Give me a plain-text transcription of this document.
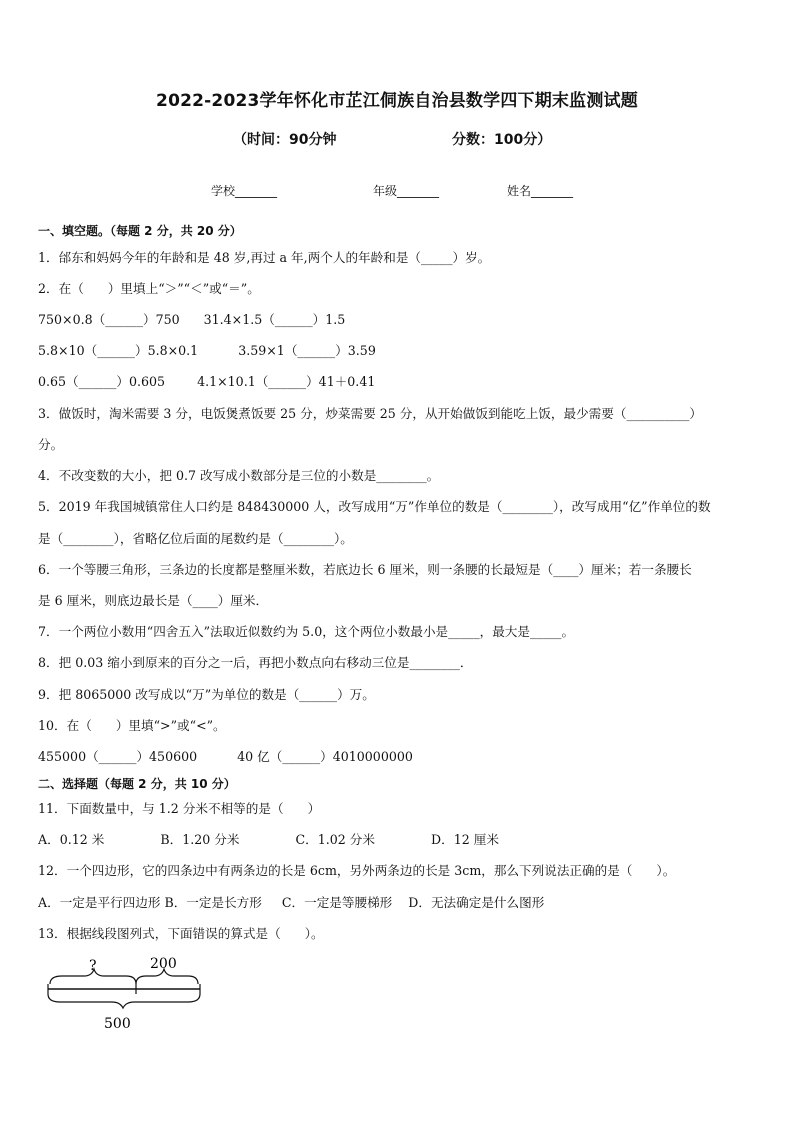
2022-2023学年怀化市芷江侗族自治县数学四下期末监测试题
（时间：90分钟	分数：100分）
学校_______	年级_______	姓名_______
一、填空题。（每题 2 分，共 20 分）
1．邰东和妈妈今年的年龄和是 48 岁,再过 a 年,两个人的年龄和是（_____）岁。
2．在（      ）里填上“＞”“＜”或“＝”。
750×0.8（______）750      31.4×1.5（______）1.5
5.8×10（______）5.8×0.1          3.59×1（______）3.59
0.65（______）0.605        4.1×10.1（______）41＋0.41
3．做饭时，淘米需要 3 分，电饭煲煮饭要 25 分，炒菜需要 25 分，从开始做饭到能吃上饭，最少需要（__________）
分。
4．不改变数的大小，把 0.7 改写成小数部分是三位的小数是________。
5．2019 年我国城镇常住人口约是 848430000 人，改写成用“万”作单位的数是（________），改写成用“亿”作单位的数
是（________），省略亿位后面的尾数约是（________）。
6．一个等腰三角形，三条边的长度都是整厘米数，若底边长 6 厘米，则一条腰的长最短是（____）厘米；若一条腰长
是 6 厘米，则底边最长是（____）厘米．
7．一个两位小数用“四舍五入”法取近似数约为 5.0，这个两位小数最小是_____，最大是_____。
8．把 0.03 缩小到原来的百分之一后，再把小数点向右移动三位是________．
9．把 8065000 改写成以“万”为单位的数是（______）万。
10．在（      ）里填“>”或“<”。
455000（______）450600          40 亿（______）4010000000
二、选择题（每题 2 分，共 10 分）
11．下面数量中，与 1.2 分米不相等的是（      ）
A．0.12 米              B．1.20 分米              C．1.02 分米              D．12 厘米
12．一个四边形，它的四条边中有两条边的长是 6cm，另外两条边的长是 3cm，那么下列说法正确的是（      ）。
A．一定是平行四边形 B．一定是长方形     C．一定是等腰梯形    D．无法确定是什么图形
13．根据线段图列式，下面错误的算式是（      ）。
?	200
500
